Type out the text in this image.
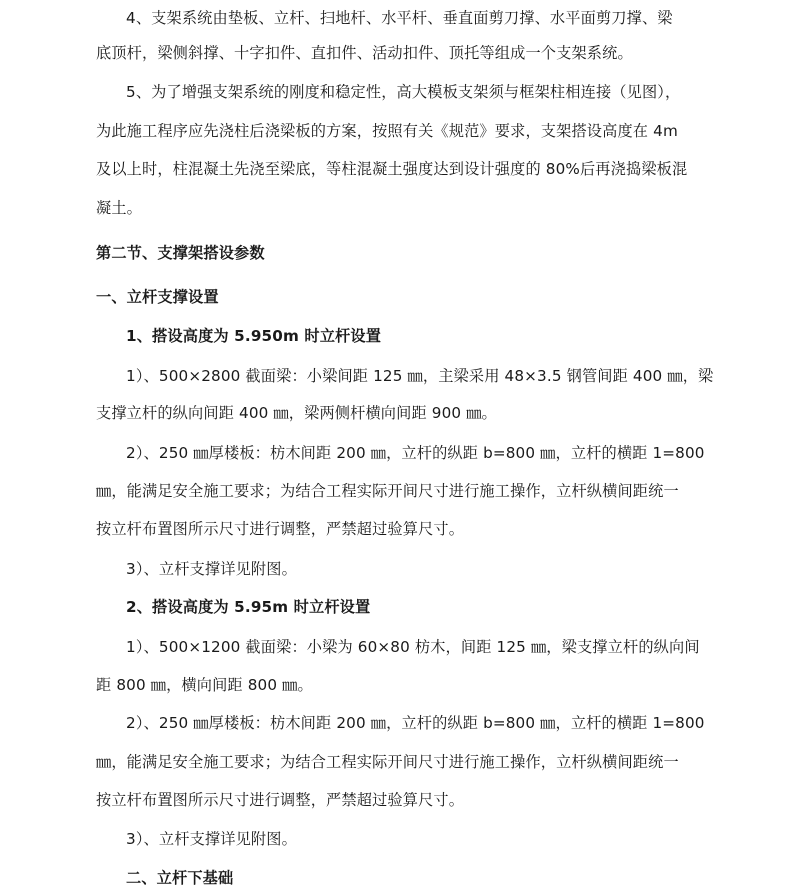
4、支架系统由垫板、立杆、扫地杆、水平杆、垂直面剪刀撑、水平面剪刀撑、梁
底顶杆，梁侧斜撑、十字扣件、直扣件、活动扣件、顶托等组成一个支架系统。
5、为了增强支架系统的刚度和稳定性，高大模板支架须与框架柱相连接（见图），
为此施工程序应先浇柱后浇梁板的方案，按照有关《规范》要求，支架搭设高度在 4m
及以上时，柱混凝土先浇至梁底，等柱混凝土强度达到设计强度的 80%后再浇捣梁板混
凝土。
第二节、支撑架搭设参数
一、立杆支撑设置
1、搭设高度为 5.950m 时立杆设置
1）、500×2800 截面梁：小梁间距 125 ㎜，主梁采用 48×3.5 钢管间距 400 ㎜，梁
支撑立杆的纵向间距 400 ㎜，梁两侧杆横向间距 900 ㎜。
2）、250 ㎜厚楼板：枋木间距 200 ㎜，立杆的纵距 b=800 ㎜，立杆的横距 1=800
㎜，能满足安全施工要求；为结合工程实际开间尺寸进行施工操作，立杆纵横间距统一
按立杆布置图所示尺寸进行调整，严禁超过验算尺寸。
3）、立杆支撑详见附图。
2、搭设高度为 5.95m 时立杆设置
1）、500×1200 截面梁：小梁为 60×80 枋木，间距 125 ㎜，梁支撑立杆的纵向间
距 800 ㎜，横向间距 800 ㎜。
2）、250 ㎜厚楼板：枋木间距 200 ㎜，立杆的纵距 b=800 ㎜，立杆的横距 1=800
㎜，能满足安全施工要求；为结合工程实际开间尺寸进行施工操作，立杆纵横间距统一
按立杆布置图所示尺寸进行调整，严禁超过验算尺寸。
3）、立杆支撑详见附图。
二、立杆下基础
